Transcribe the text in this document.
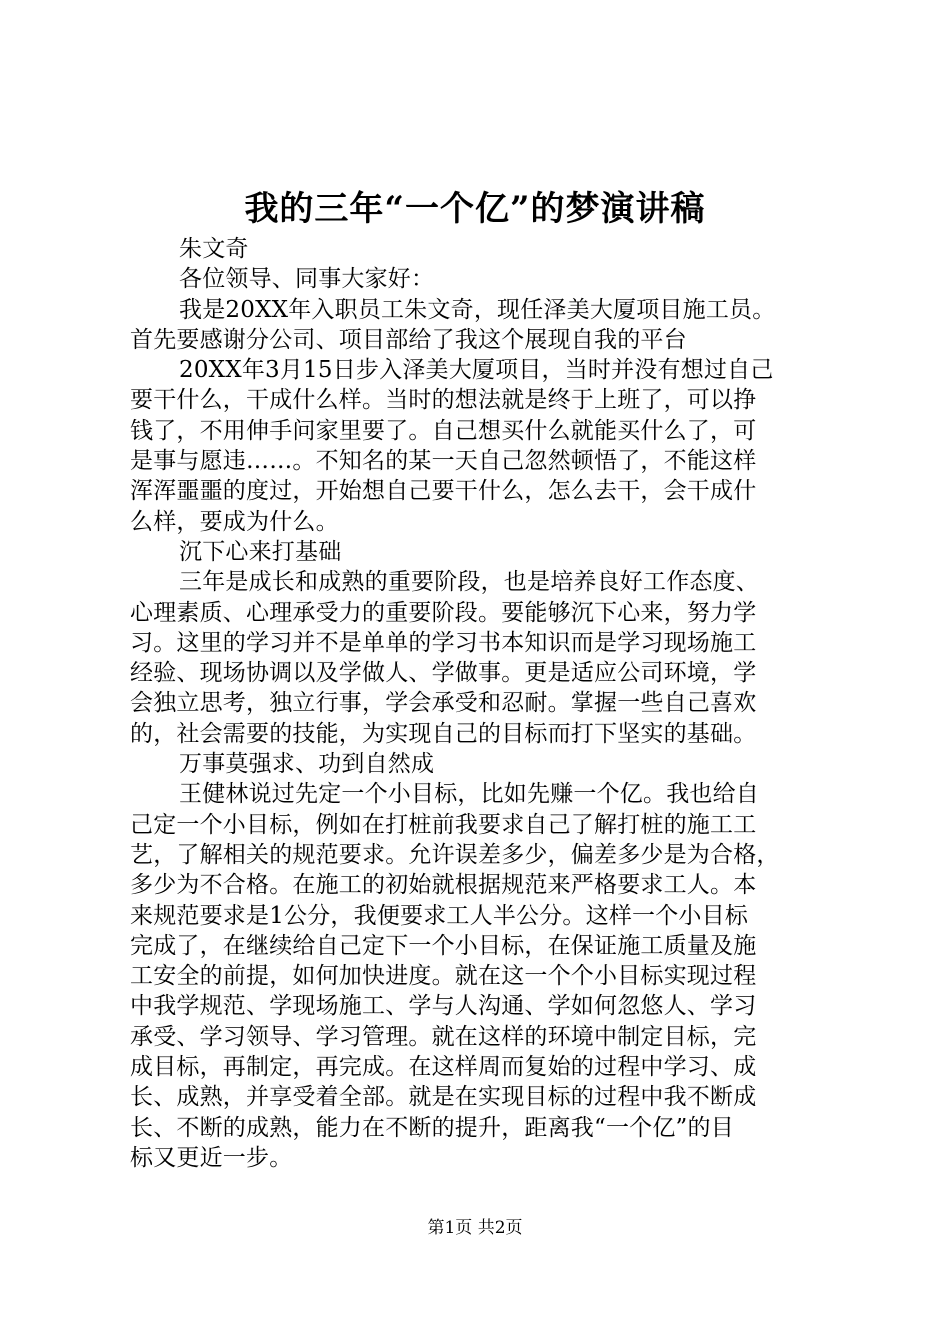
我的三年“一个亿”的梦演讲稿
朱文奇
各位领导、同事大家好：
我是20XX年入职员工朱文奇，现任泽美大厦项目施工员。
首先要感谢分公司、项目部给了我这个展现自我的平台
20XX年3月15日步入泽美大厦项目，当时并没有想过自己
要干什么，干成什么样。当时的想法就是终于上班了，可以挣
钱了，不用伸手问家里要了。自己想买什么就能买什么了，可
是事与愿违……。不知名的某一天自己忽然顿悟了，不能这样
浑浑噩噩的度过，开始想自己要干什么，怎么去干，会干成什
么样，要成为什么。
沉下心来打基础
三年是成长和成熟的重要阶段，也是培养良好工作态度、
心理素质、心理承受力的重要阶段。要能够沉下心来，努力学
习。这里的学习并不是单单的学习书本知识而是学习现场施工
经验、现场协调以及学做人、学做事。更是适应公司环境，学
会独立思考，独立行事，学会承受和忍耐。掌握一些自己喜欢
的，社会需要的技能，为实现自己的目标而打下坚实的基础。
万事莫强求、功到自然成
王健林说过先定一个小目标，比如先赚一个亿。我也给自
己定一个小目标，例如在打桩前我要求自己了解打桩的施工工
艺，了解相关的规范要求。允许误差多少，偏差多少是为合格，
多少为不合格。在施工的初始就根据规范来严格要求工人。本
来规范要求是1公分，我便要求工人半公分。这样一个小目标
完成了，在继续给自己定下一个小目标，在保证施工质量及施
工安全的前提，如何加快进度。就在这一个个小目标实现过程
中我学规范、学现场施工、学与人沟通、学如何忽悠人、学习
承受、学习领导、学习管理。就在这样的环境中制定目标，完
成目标，再制定，再完成。在这样周而复始的过程中学习、成
长、成熟，并享受着全部。就是在实现目标的过程中我不断成
长、不断的成熟，能力在不断的提升，距离我“一个亿”的目
标又更近一步。
第1页 共2页
